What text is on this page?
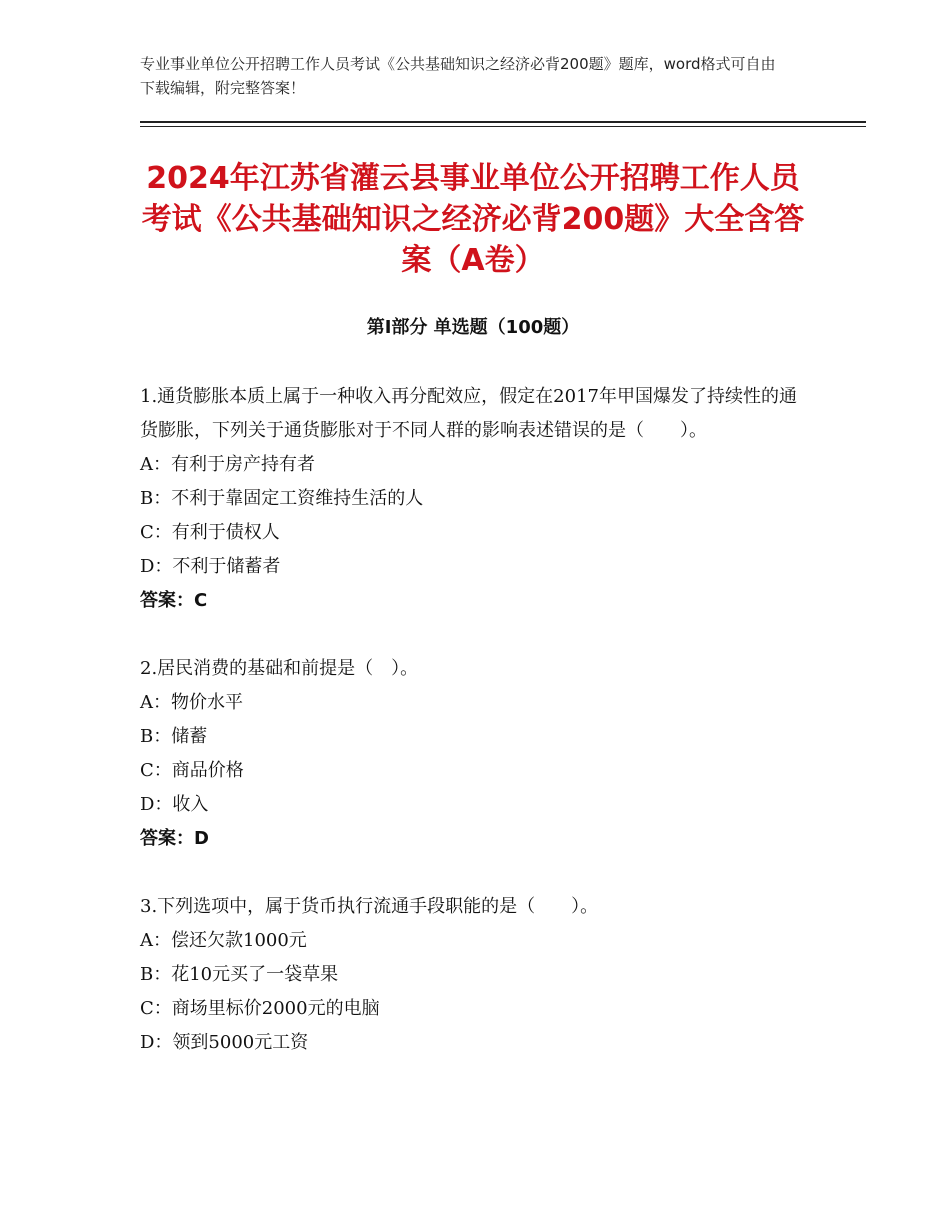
专业事业单位公开招聘工作人员考试《公共基础知识之经济必背200题》题库，word格式可自由下载编辑，附完整答案！
2024年江苏省灌云县事业单位公开招聘工作人员考试《公共基础知识之经济必背200题》大全含答案（A卷）
第Ⅰ部分 单选题（100题）
1.通货膨胀本质上属于一种收入再分配效应，假定在2017年甲国爆发了持续性的通货膨胀，下列关于通货膨胀对于不同人群的影响表述错误的是（　　）。
A：有利于房产持有者
B：不利于靠固定工资维持生活的人
C：有利于债权人
D：不利于储蓄者
答案：C
2.居民消费的基础和前提是（　）。
A：物价水平
B：储蓄
C：商品价格
D：收入
答案：D
3.下列选项中，属于货币执行流通手段职能的是（　　）。
A：偿还欠款1000元
B：花10元买了一袋草果
C：商场里标价2000元的电脑
D：领到5000元工资
